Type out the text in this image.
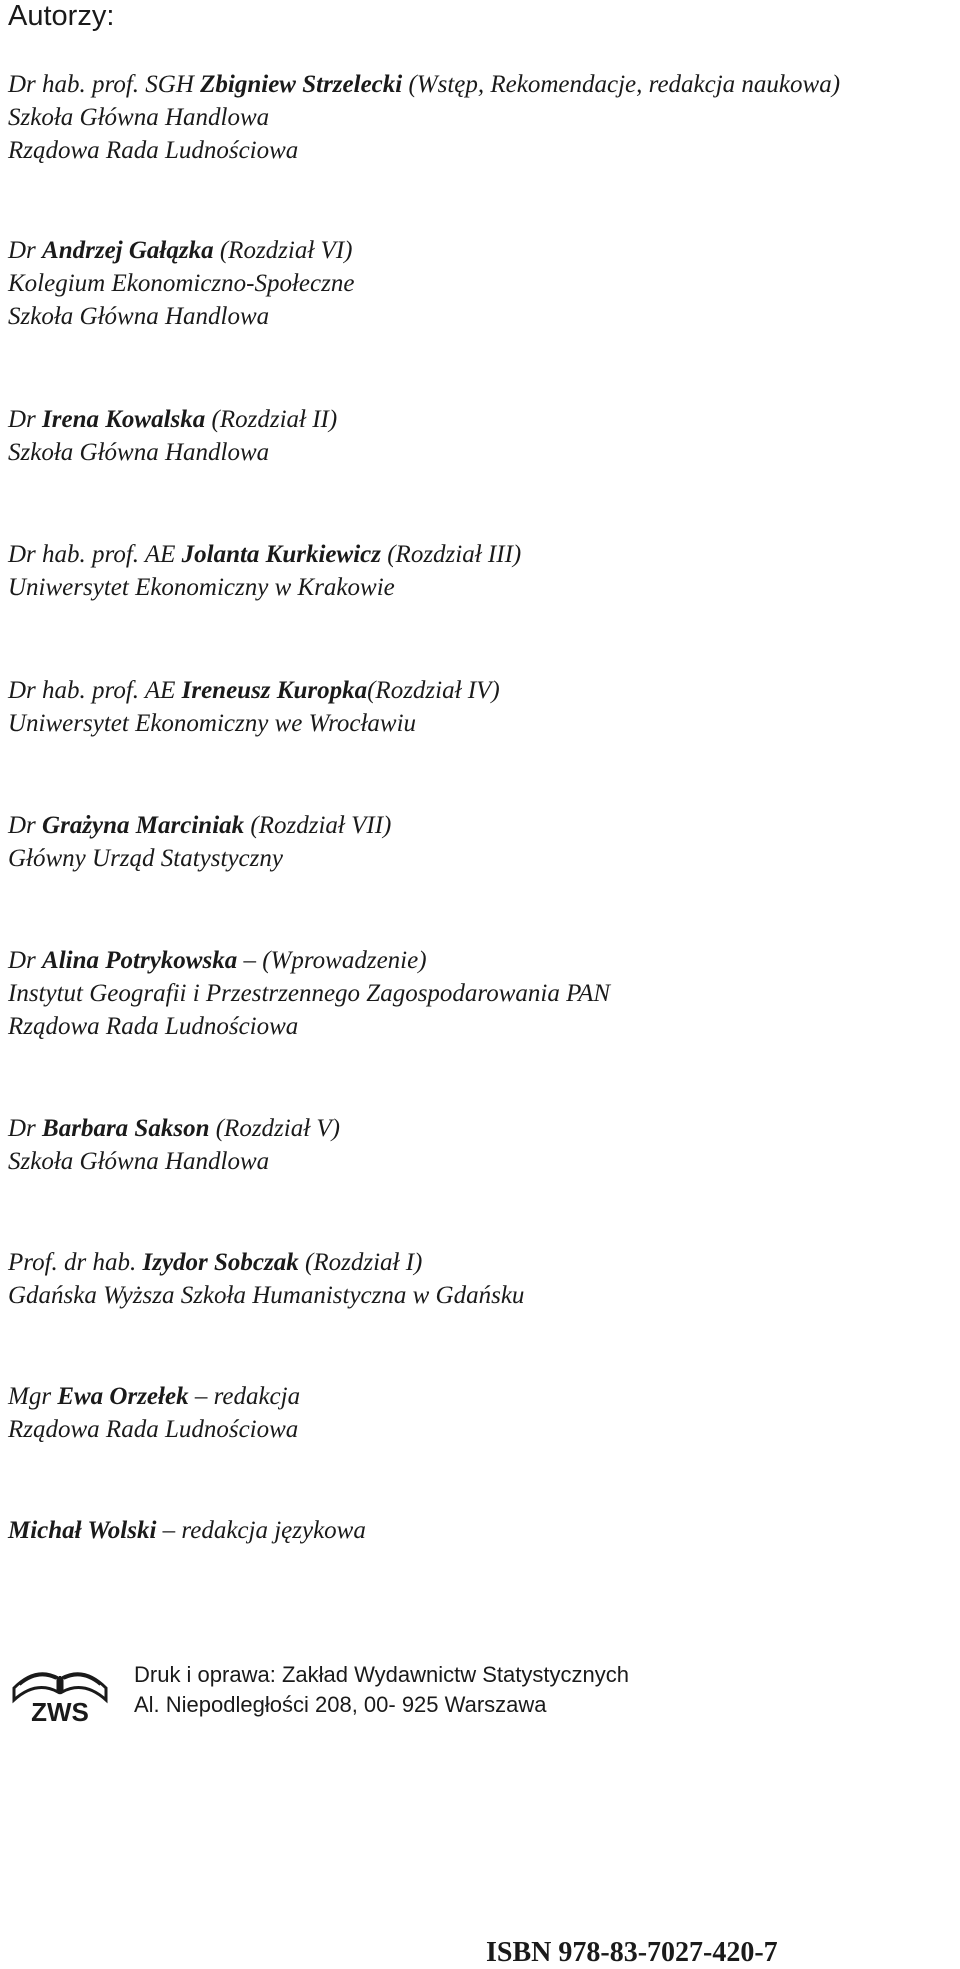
Autorzy:
Dr hab. prof. SGH Zbigniew Strzelecki (Wstęp, Rekomendacje, redakcja naukowa)
Szkoła Główna Handlowa
Rządowa Rada Ludnościowa
Dr Andrzej Gałązka (Rozdział VI)
Kolegium Ekonomiczno-Społeczne
Szkoła Główna Handlowa
Dr Irena Kowalska (Rozdział II)
Szkoła Główna Handlowa
Dr hab. prof. AE Jolanta Kurkiewicz (Rozdział III)
Uniwersytet Ekonomiczny w Krakowie
Dr hab. prof. AE Ireneusz Kuropka(Rozdział IV)
Uniwersytet Ekonomiczny we Wrocławiu
Dr Grażyna Marciniak (Rozdział VII)
Główny Urząd Statystyczny
Dr Alina Potrykowska – (Wprowadzenie)
Instytut Geografii i Przestrzennego Zagospodarowania PAN
Rządowa Rada Ludnościowa
Dr Barbara Sakson (Rozdział V)
Szkoła Główna Handlowa
Prof. dr hab. Izydor Sobczak (Rozdział I)
Gdańska Wyższa Szkoła Humanistyczna w Gdańsku
Mgr Ewa Orzełek – redakcja
Rządowa Rada Ludnościowa
Michał Wolski – redakcja językowa
ZWS
Druk i oprawa: Zakład Wydawnictw Statystycznych
Al. Niepodległości 208, 00- 925 Warszawa
ISBN 978-83-7027-420-7
